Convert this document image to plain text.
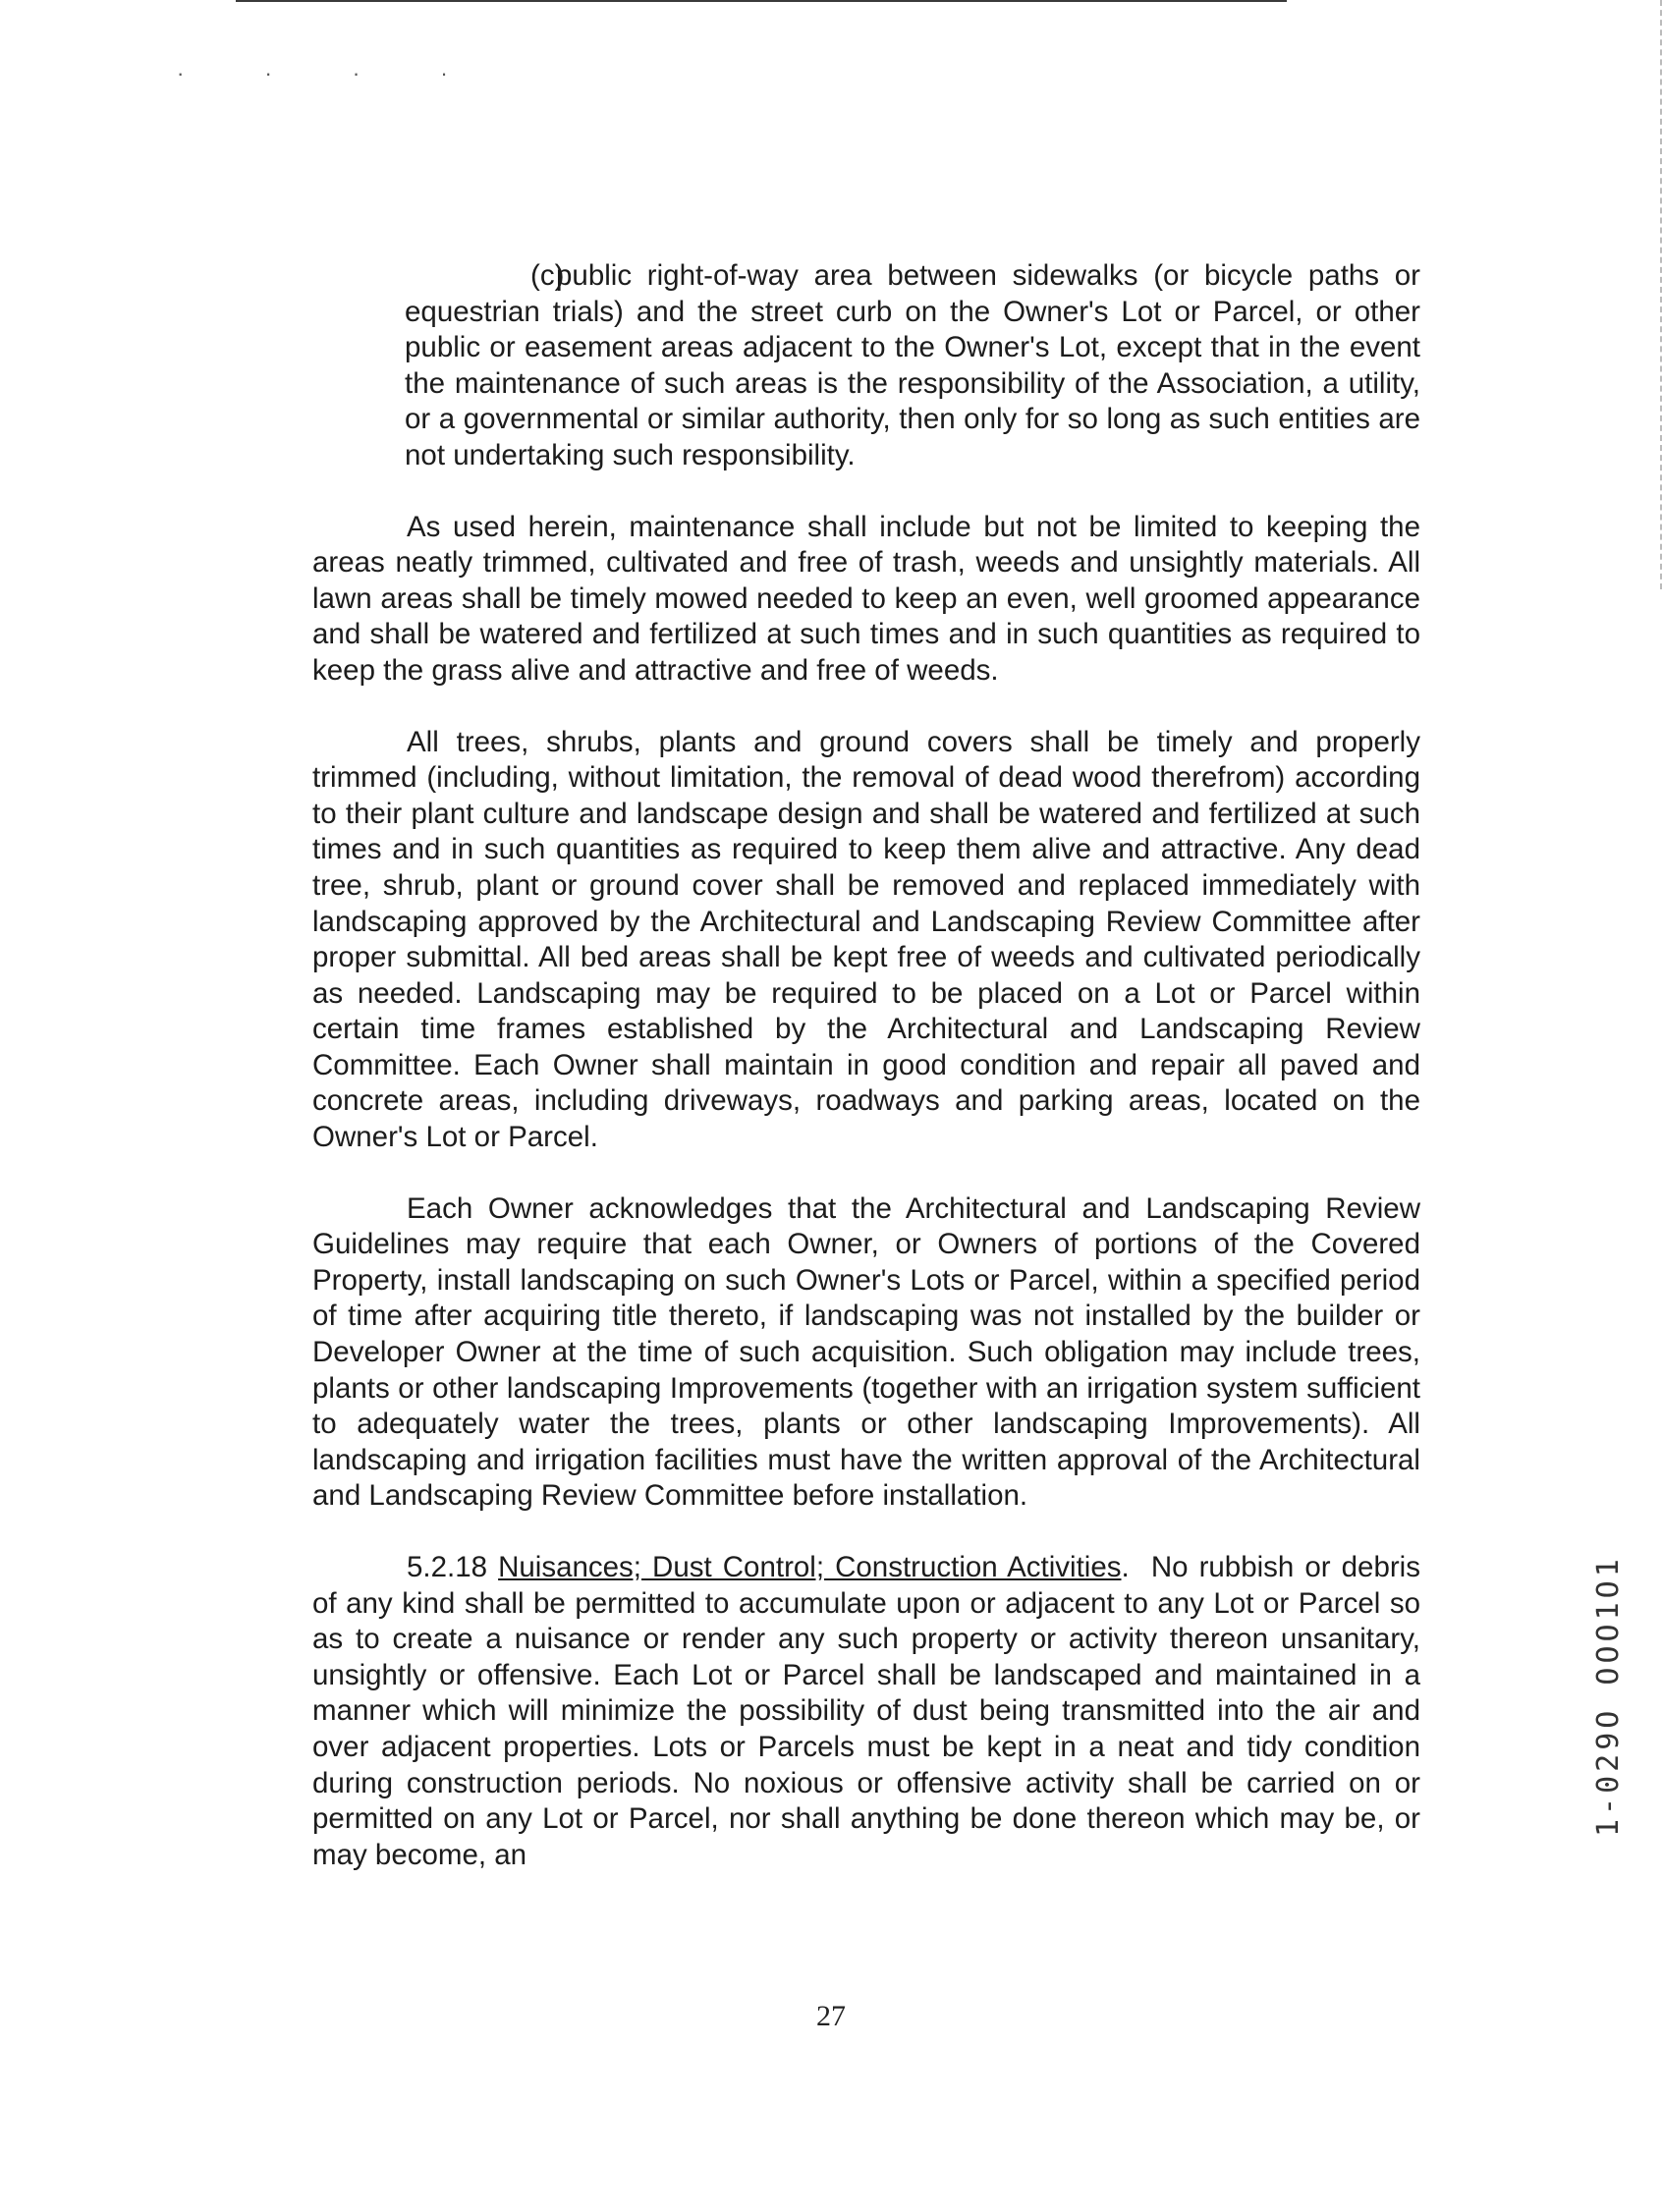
· · · ·

(c)public right-of-way area between sidewalks (or bicycle paths or equestrian trials) and the street curb on the Owner's Lot or Parcel, or other public or easement areas adjacent to the Owner's Lot, except that in the event the maintenance of such areas is the responsibility of the Association, a utility, or a governmental or similar authority, then only for so long as such entities are not undertaking such responsibility.

As used herein, maintenance shall include but not be limited to keeping the areas neatly trimmed, cultivated and free of trash, weeds and unsightly materials. All lawn areas shall be timely mowed needed to keep an even, well groomed appearance and shall be watered and fertilized at such times and in such quantities as required to keep the grass alive and attractive and free of weeds.

All trees, shrubs, plants and ground covers shall be timely and properly trimmed (including, without limitation, the removal of dead wood therefrom) according to their plant culture and landscape design and shall be watered and fertilized at such times and in such quantities as required to keep them alive and attractive. Any dead tree, shrub, plant or ground cover shall be removed and replaced immediately with landscaping approved by the Architectural and Landscaping Review Committee after proper submittal. All bed areas shall be kept free of weeds and cultivated periodically as needed. Landscaping may be required to be placed on a Lot or Parcel within certain time frames established by the Architectural and Landscaping Review Committee. Each Owner shall maintain in good condition and repair all paved and concrete areas, including driveways, roadways and parking areas, located on the Owner's Lot or Parcel.

Each Owner acknowledges that the Architectural and Landscaping Review Guidelines may require that each Owner, or Owners of portions of the Covered Property, install landscaping on such Owner's Lots or Parcel, within a specified period of time after acquiring title thereto, if landscaping was not installed by the builder or Developer Owner at the time of such acquisition. Such obligation may include trees, plants or other landscaping Improvements (together with an irrigation system sufficient to adequately water the trees, plants or other landscaping Improvements). All landscaping and irrigation facilities must have the written approval of the Architectural and Landscaping Review Committee before installation.

5.2.18 Nuisances; Dust Control; Construction Activities. No rubbish or debris of any kind shall be permitted to accumulate upon or adjacent to any Lot or Parcel so as to create a nuisance or render any such property or activity thereon unsanitary, unsightly or offensive. Each Lot or Parcel shall be landscaped and maintained in a manner which will minimize the possibility of dust being transmitted into the air and over adjacent properties. Lots or Parcels must be kept in a neat and tidy condition during construction periods. No noxious or offensive activity shall be carried on or permitted on any Lot or Parcel, nor shall anything be done thereon which may be, or may become, an

27
1-029O OOO1O1
